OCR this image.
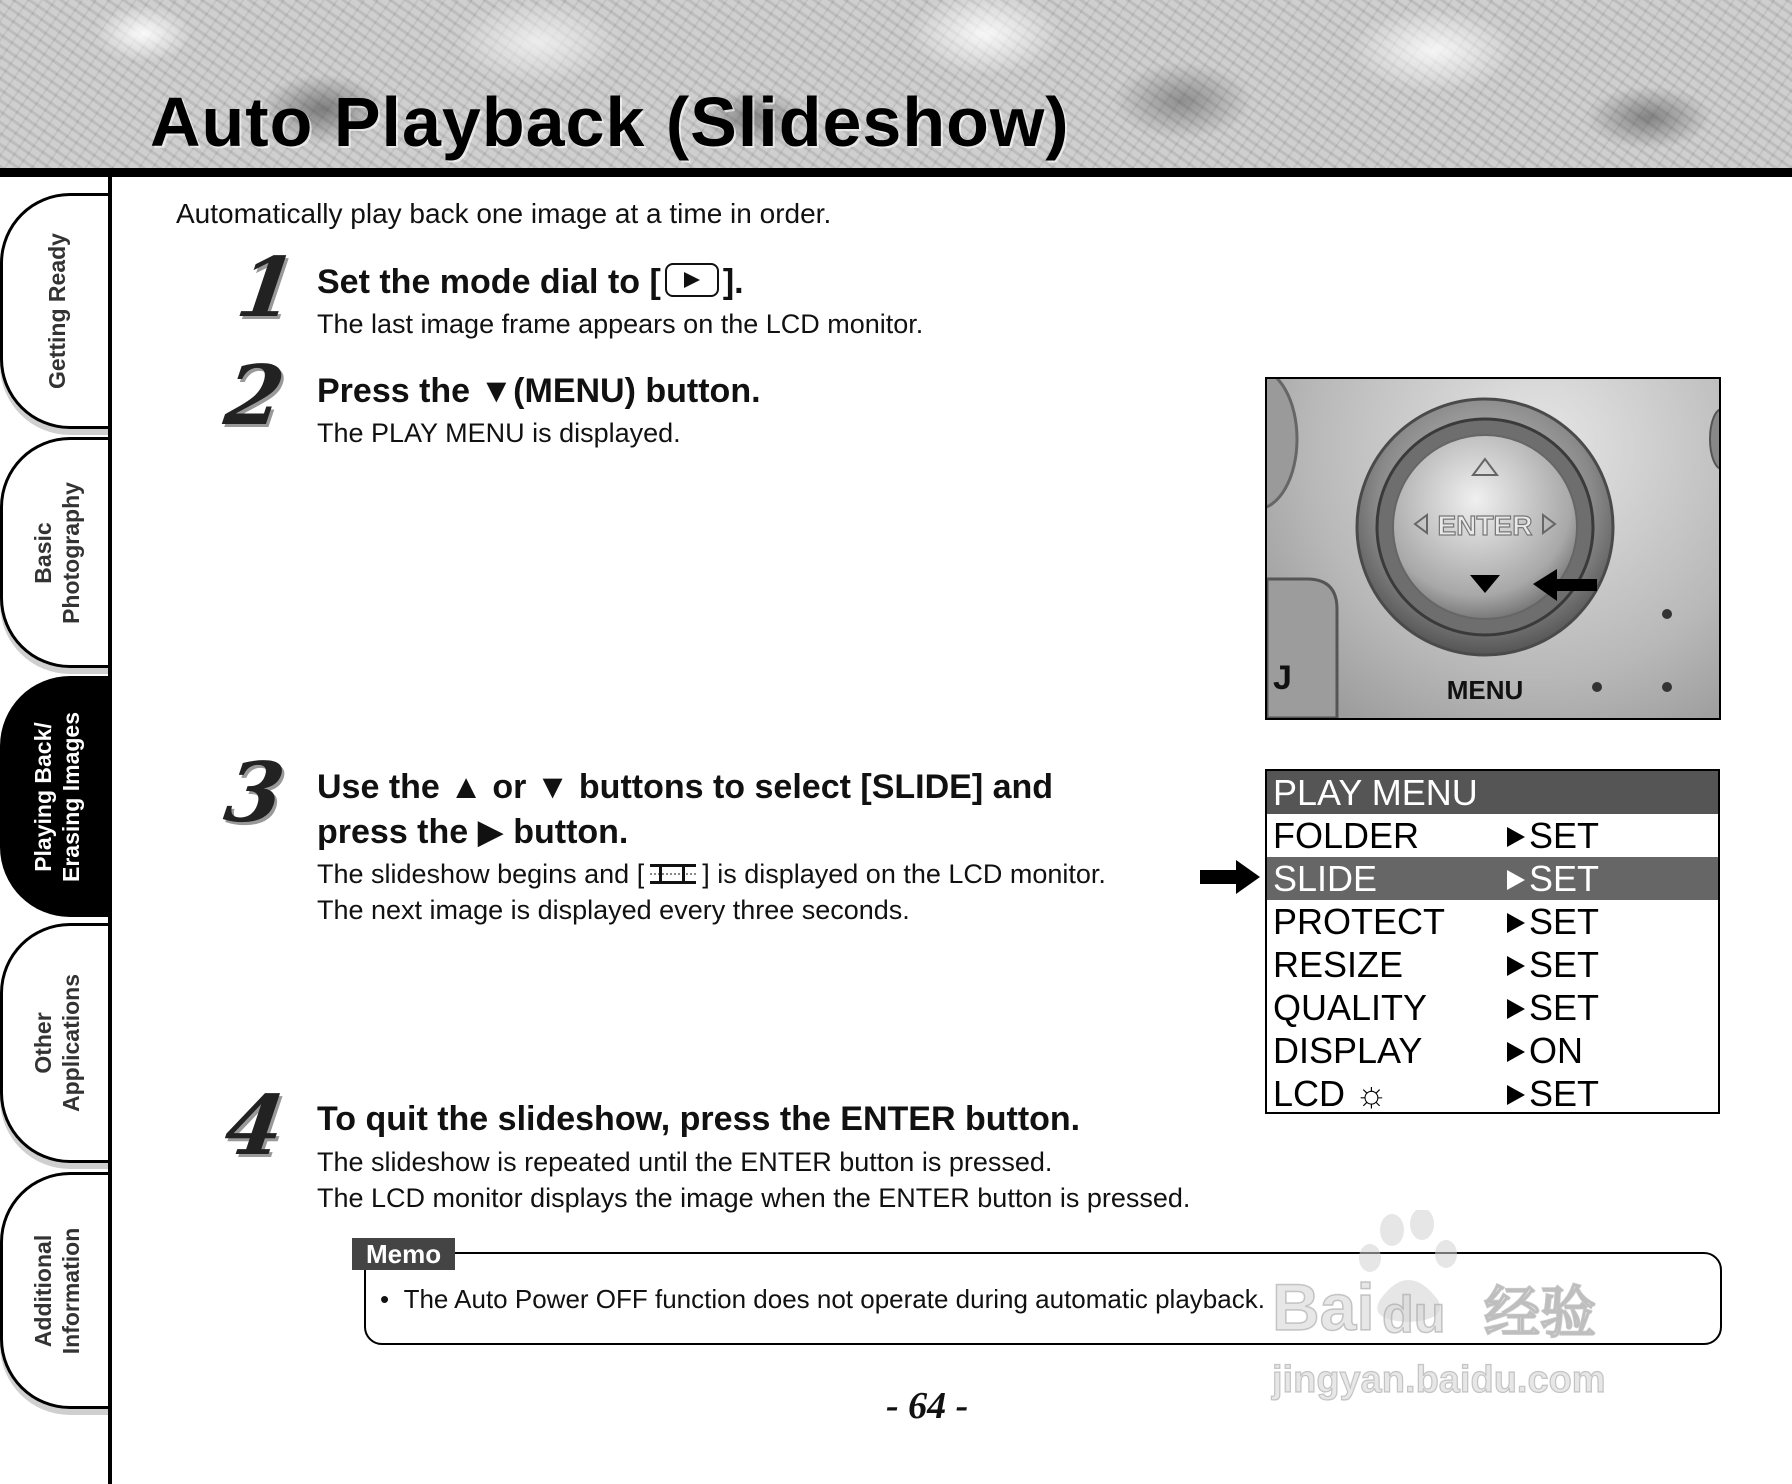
Auto Playback (Slideshow)
Getting Ready
Basic
Photography
Playing Back/
Erasing Images
Other
Applications
Additional
Information
Automatically play back one image at a time in order.
1 Set the mode dial to [ ].
The last image frame appears on the LCD monitor.
2 Press the ▼(MENU) button.
The PLAY MENU is displayed.
ENTER
MENU
J
3 Use the ▲ or ▼ buttons to select [SLIDE] and
press the ▶ button.
The slideshow begins and [ ] is displayed on the LCD monitor.
The next image is displayed every three seconds.
PLAY MENU
FOLDER	SET
SLIDE	SET
PROTECT SET
RESIZE	SET
QUALITY	SET
DISPLAY	ON
LCD ☼	SET
4 To quit the slideshow, press the ENTER button.
The slideshow is repeated until the ENTER button is pressed.
The LCD monitor displays the image when the ENTER button is pressed.
Memo
• The Auto Power OFF function does not operate during automatic playback.
- 64 -
Bai du 经验
jingyan.baidu.com
